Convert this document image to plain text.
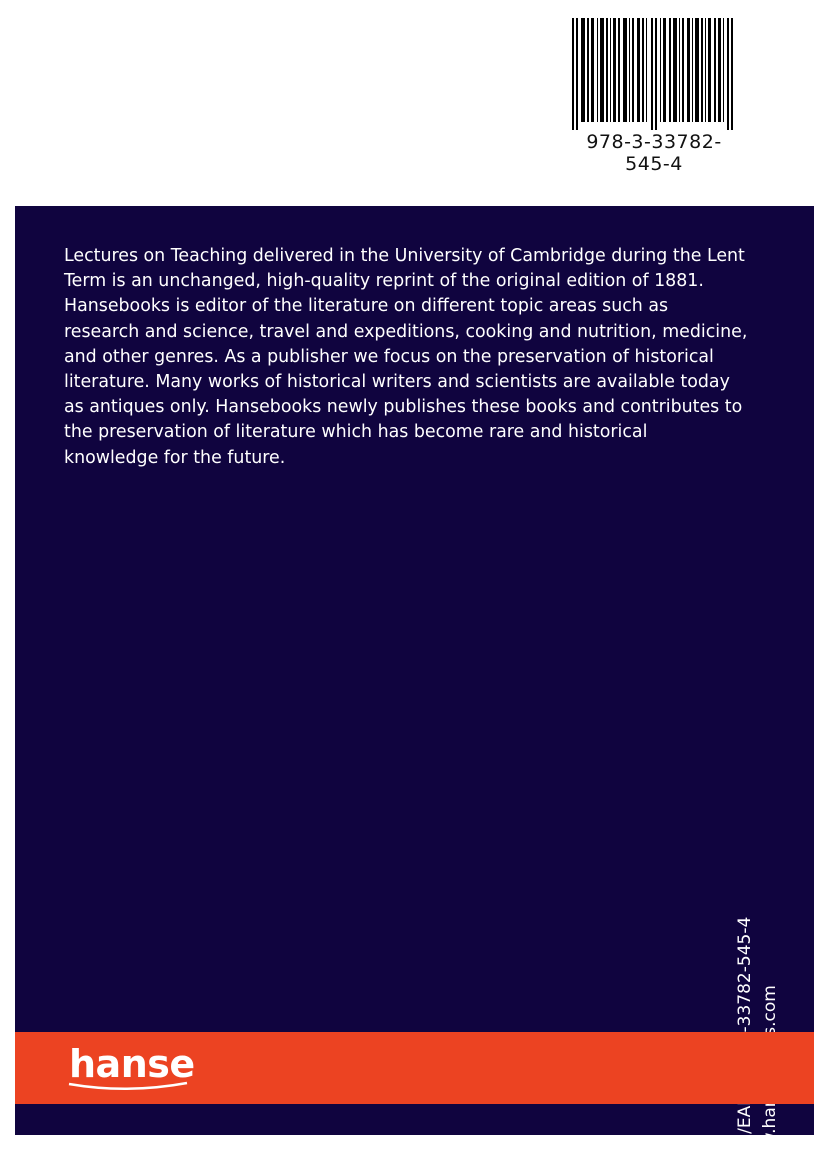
978-3-33782-545-4

Lectures on Teaching delivered in the University of Cambridge during the Lent
Term is an unchanged, high-quality reprint of the original edition of 1881.
Hansebooks is editor of the literature on different topic areas such as
research and science, travel and expeditions, cooking and nutrition, medicine,
and other genres. As a publisher we focus on the preservation of historical
literature. Many works of historical writers and scientists are available today
as antiques only. Hansebooks newly publishes these books and contributes to
the preservation of literature which has become rare and historical
knowledge for the future.

hanse
